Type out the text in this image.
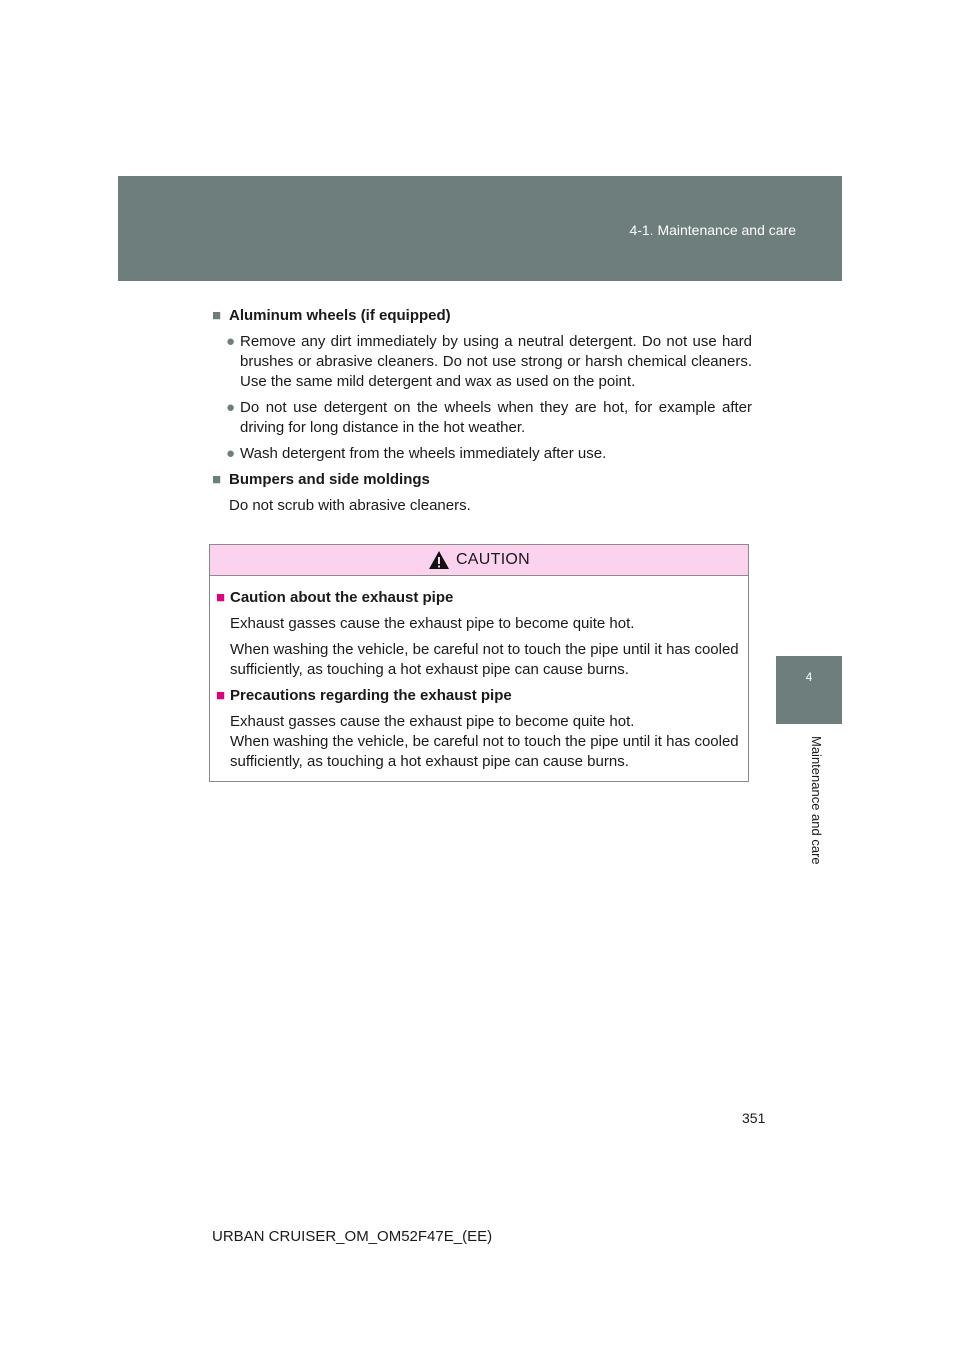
4-1. Maintenance and care
4
Maintenance and care
■ Aluminum wheels (if equipped)
● Remove any dirt immediately by using a neutral detergent. Do not use hard brushes or abrasive cleaners. Do not use strong or harsh chemical cleaners. Use the same mild detergent and wax as used on the point.
● Do not use detergent on the wheels when they are hot, for example after driving for long distance in the hot weather.
● Wash detergent from the wheels immediately after use.
■ Bumpers and side moldings
Do not scrub with abrasive cleaners.
CAUTION
■ Caution about the exhaust pipe
Exhaust gasses cause the exhaust pipe to become quite hot.
When washing the vehicle, be careful not to touch the pipe until it has cooled sufficiently, as touching a hot exhaust pipe can cause burns.
■ Precautions regarding the exhaust pipe
Exhaust gasses cause the exhaust pipe to become quite hot.
When washing the vehicle, be careful not to touch the pipe until it has cooled sufficiently, as touching a hot exhaust pipe can cause burns.
351
URBAN CRUISER_OM_OM52F47E_(EE)
